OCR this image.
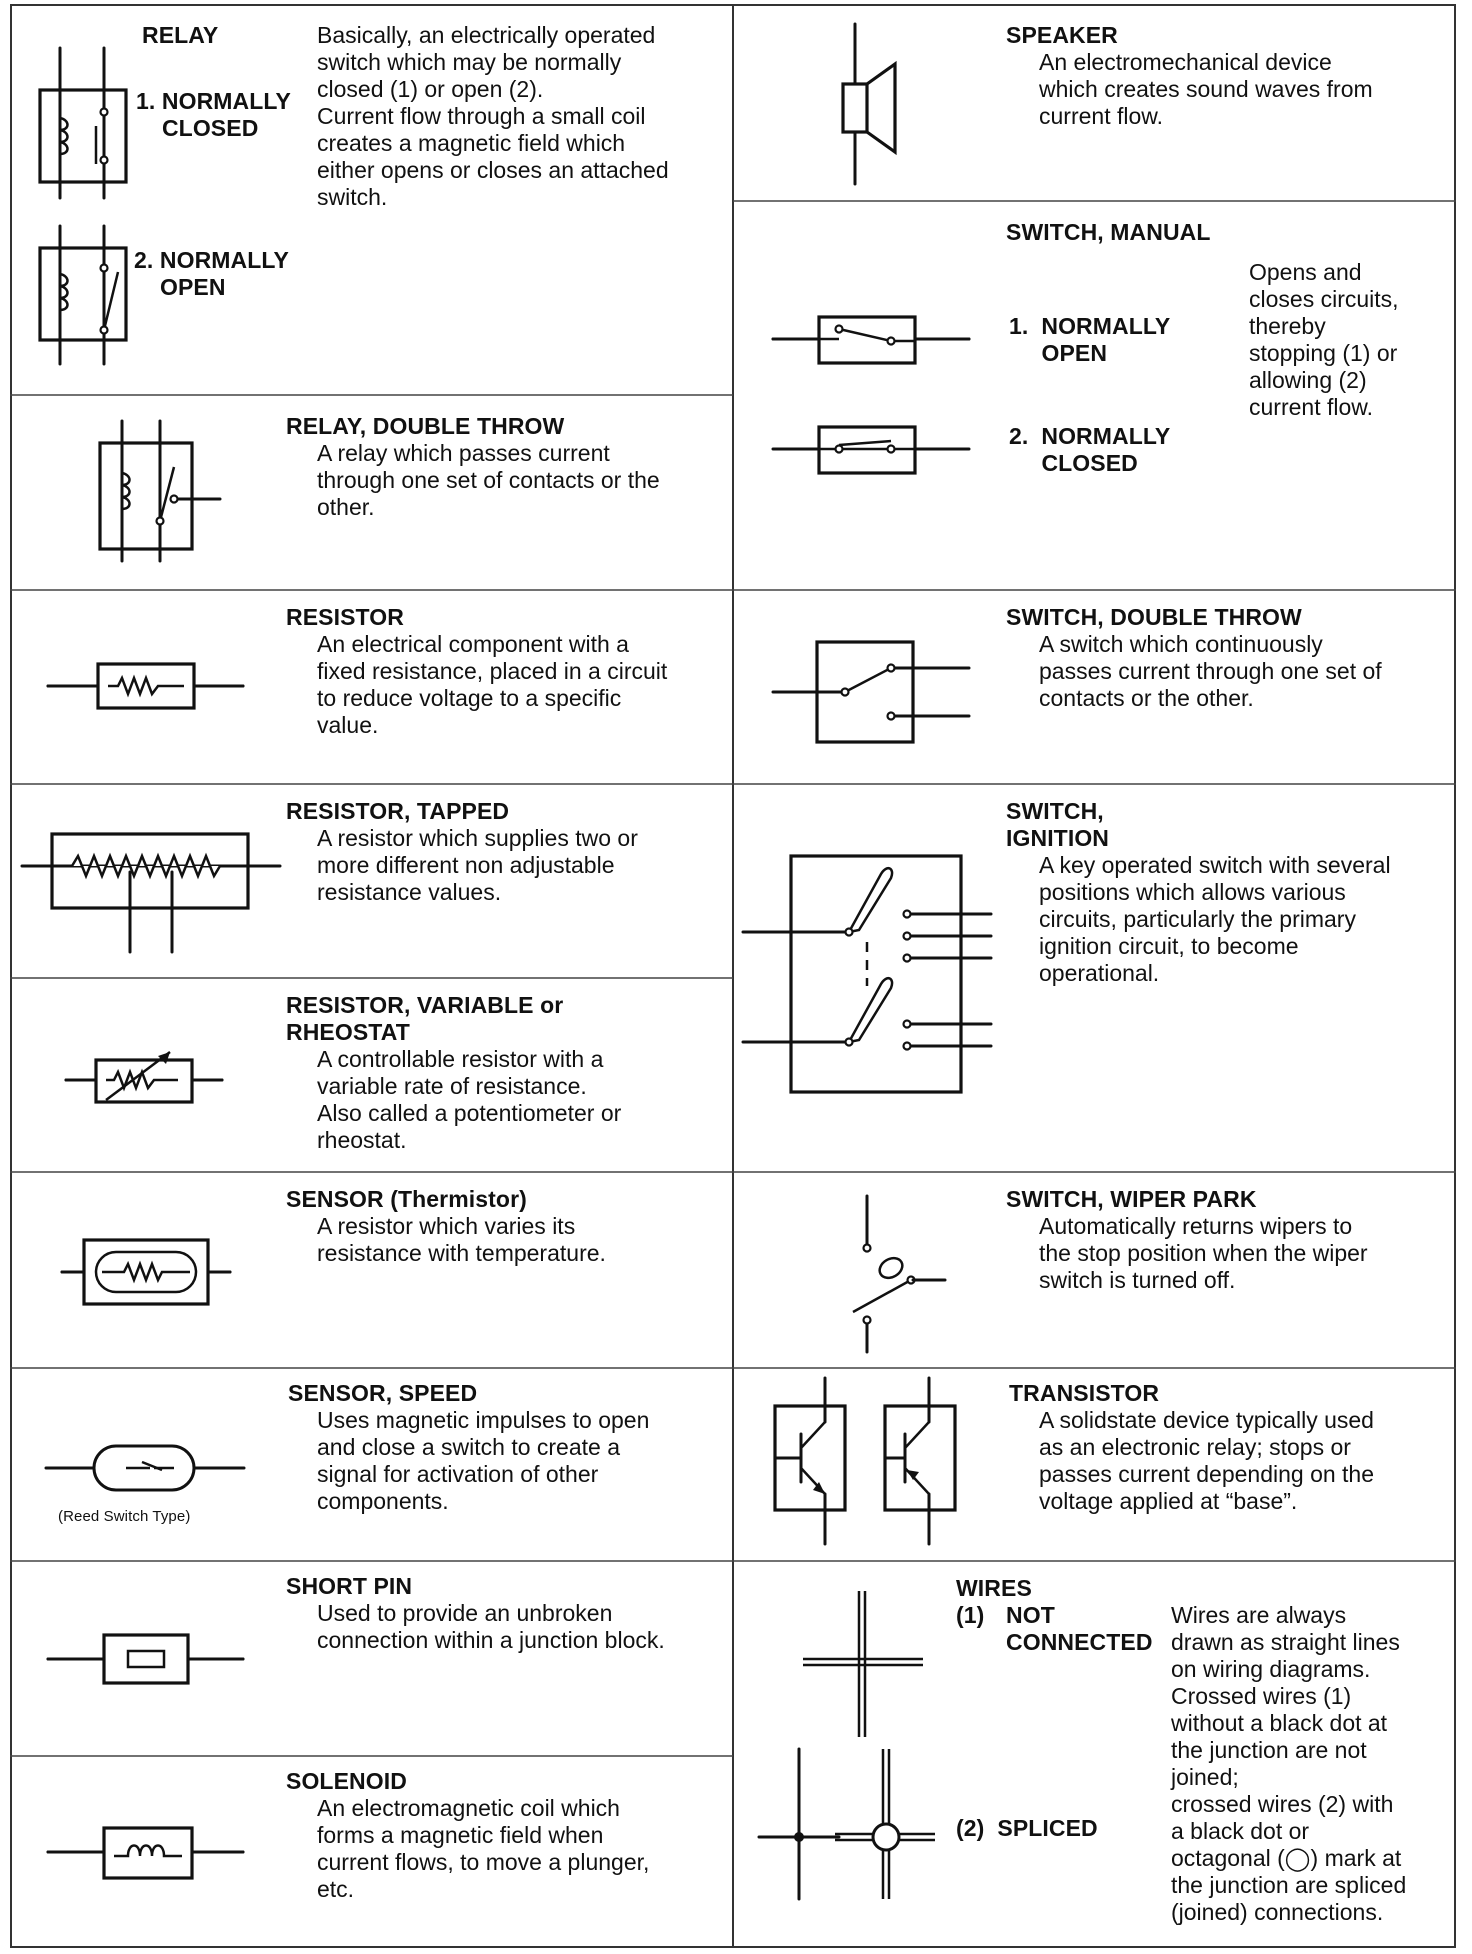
RELAY	Basically, an electrically operated
switch which may be normally
closed (1) or open (2).
Current flow through a small coil
creates a magnetic field which
either opens or closes an attached
switch.
1. NORMALLY
CLOSED
2. NORMALLY
OPEN
RELAY, DOUBLE THROW
A relay which passes current
through one set of contacts or the
other.
RESISTOR
An electrical component with a
fixed resistance, placed in a circuit
to reduce voltage to a specific
value.
RESISTOR, TAPPED
A resistor which supplies two or
more different non adjustable
resistance values.
RESISTOR, VARIABLE or
RHEOSTAT
A controllable resistor with a
variable rate of resistance.
Also called a potentiometer or
rheostat.
SENSOR (Thermistor)
A resistor which varies its
resistance with temperature.
SENSOR, SPEED
Uses magnetic impulses to open
and close a switch to create a
signal for activation of other
components.
(Reed Switch Type)
SHORT PIN
Used to provide an unbroken
connection within a junction block.
SOLENOID
An electromagnetic coil which
forms a magnetic field when
current flows, to move a plunger,
etc.
SPEAKER
An electromechanical device
which creates sound waves from
current flow.
SWITCH, MANUAL
Opens and
closes circuits,
thereby
stopping (1) or
allowing (2)
current flow.
1.  NORMALLY
OPEN
2.  NORMALLY
CLOSED
SWITCH, DOUBLE THROW
A switch which continuously
passes current through one set of
contacts or the other.
SWITCH,
IGNITION
A key operated switch with several
positions which allows various
circuits, particularly the primary
ignition circuit, to become
operational.
SWITCH, WIPER PARK
Automatically returns wipers to
the stop position when the wiper
switch is turned off.
TRANSISTOR
A solidstate device typically used
as an electronic relay; stops or
passes current depending on the
voltage applied at “base”.
WIRES
(1) NOT
CONNECTED
(2)  SPLICED
Wires are always
drawn as straight lines
on wiring diagrams.
Crossed wires (1)
without a black dot at
the junction are not
joined;
crossed wires (2) with
a black dot or
octagonal (◯) mark at
the junction are spliced
(joined) connections.
